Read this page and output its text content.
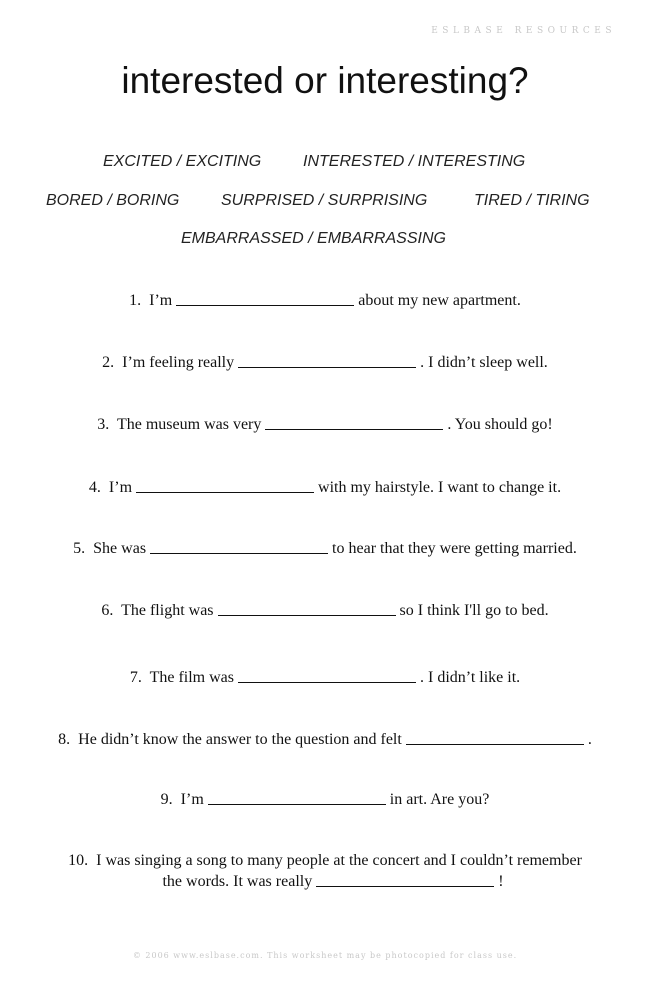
ESLBASE RESOURCES
interested or interesting?
EXCITED / EXCITING	INTERESTED / INTERESTING
BORED / BORING	SURPRISED / SURPRISING	TIRED / TIRING
EMBARRASSED / EMBARRASSING
1. I’m	about my new apartment.
2. I’m feeling really	. I didn’t sleep well.
3. The museum was very	. You should go!
4. I’m	with my hairstyle. I want to change it.
5. She was	to hear that they were getting married.
6. The flight was	so I think I'll go to bed.
7. The film was	. I didn’t like it.
8. He didn’t know the answer to the question and felt	.
9. I’m	in art. Are you?
10. I was singing a song to many people at the concert and I couldn’t remember
the words. It was really	!
© 2006 www.eslbase.com. This worksheet may be photocopied for class use.
